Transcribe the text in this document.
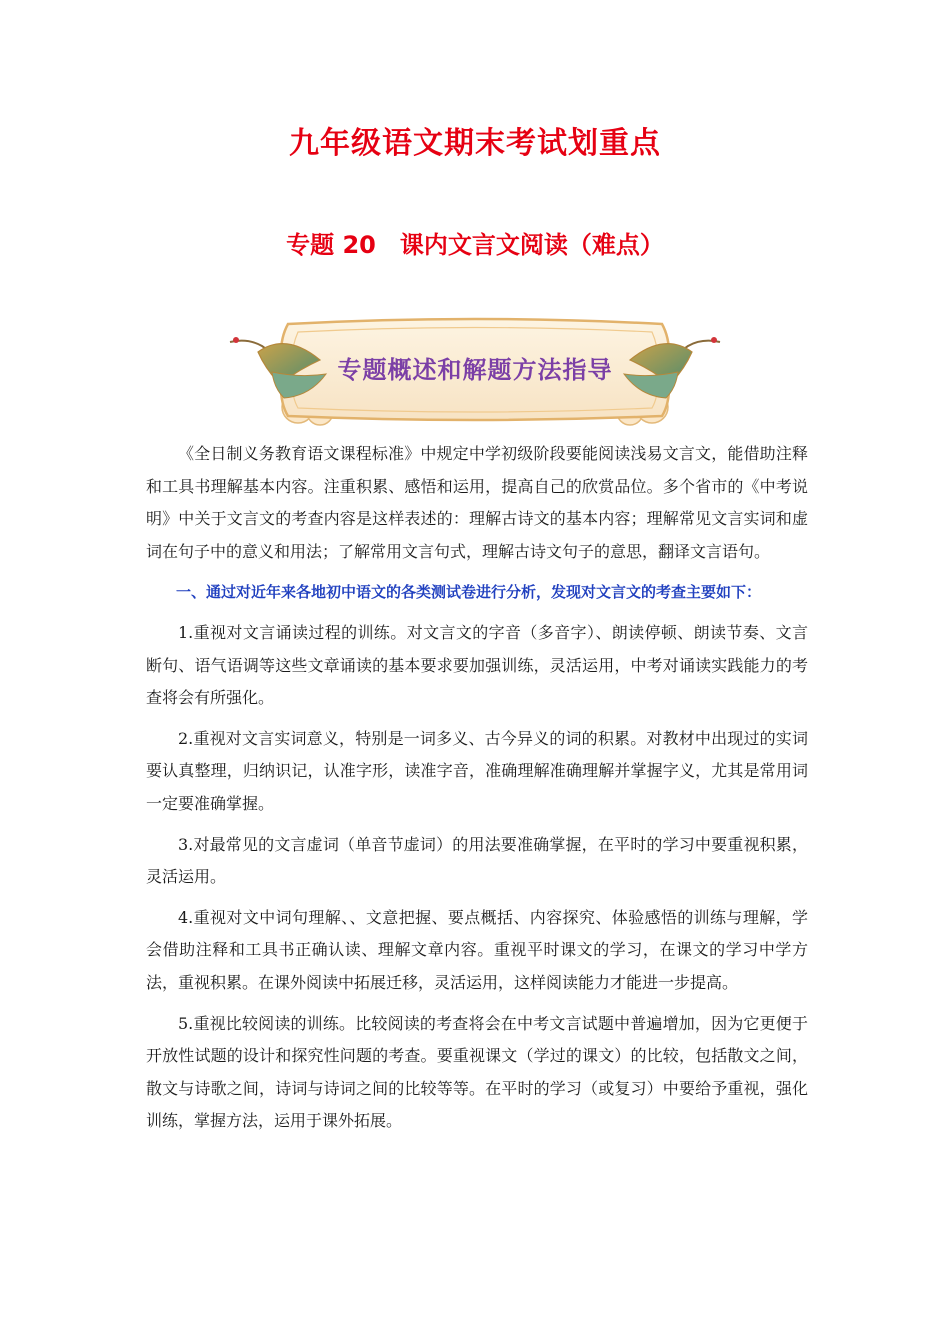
九年级语文期末考试划重点
专题 20　课内文言文阅读（难点）
专题概述和解题方法指导

《全日制义务教育语文课程标准》中规定中学初级阶段要能阅读浅易文言文，能借助注释和工具书理解基本内容。注重积累、感悟和运用，提高自己的欣赏品位。多个省市的《中考说明》中关于文言文的考查内容是这样表述的：理解古诗文的基本内容；理解常见文言实词和虚词在句子中的意义和用法；了解常用文言句式，理解古诗文句子的意思，翻译文言语句。

一、通过对近年来各地初中语文的各类测试卷进行分析，发现对文言文的考查主要如下：

1.重视对文言诵读过程的训练。对文言文的字音（多音字）、朗读停顿、朗读节奏、文言断句、语气语调等这些文章诵读的基本要求要加强训练，灵活运用，中考对诵读实践能力的考查将会有所强化。

2.重视对文言实词意义，特别是一词多义、古今异义的词的积累。对教材中出现过的实词要认真整理，归纳识记，认准字形，读准字音，准确理解准确理解并掌握字义，尤其是常用词一定要准确掌握。

3.对最常见的文言虚词（单音节虚词）的用法要准确掌握，在平时的学习中要重视积累，灵活运用。

4.重视对文中词句理解、、文意把握、要点概括、内容探究、体验感悟的训练与理解，学会借助注释和工具书正确认读、理解文章内容。重视平时课文的学习，在课文的学习中学方法，重视积累。在课外阅读中拓展迁移，灵活运用，这样阅读能力才能进一步提高。

5.重视比较阅读的训练。比较阅读的考查将会在中考文言试题中普遍增加，因为它更便于开放性试题的设计和探究性问题的考查。要重视课文（学过的课文）的比较，包括散文之间，散文与诗歌之间，诗词与诗词之间的比较等等。在平时的学习（或复习）中要给予重视，强化训练，掌握方法，运用于课外拓展。
